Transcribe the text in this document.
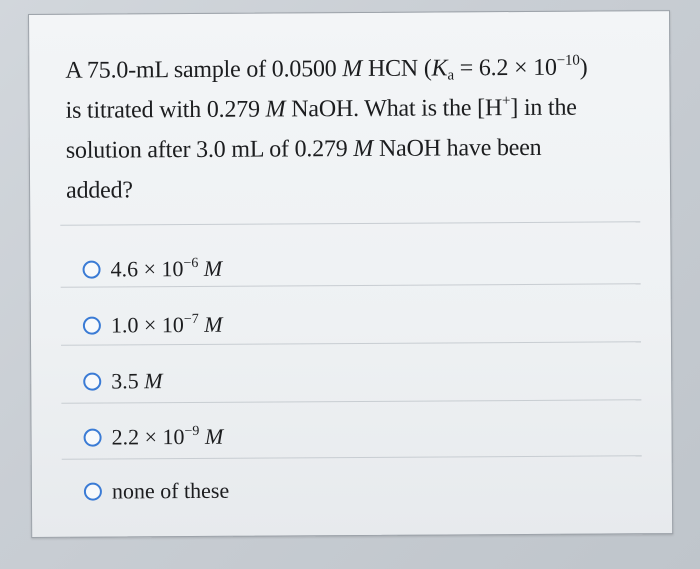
A 75.0-mL sample of 0.0500 M HCN $(K_a = 6.2 \times 10^{-10})$
is titrated with 0.279 M NaOH. What is the [H+] in the
solution after 3.0 mL of 0.279 M NaOH have been
added?
$4.6 \times 10^{-6}$ M
$1.0 \times 10^{-7}$ M
3.5 M
$2.2 \times 10^{-9}$ M
none of these
